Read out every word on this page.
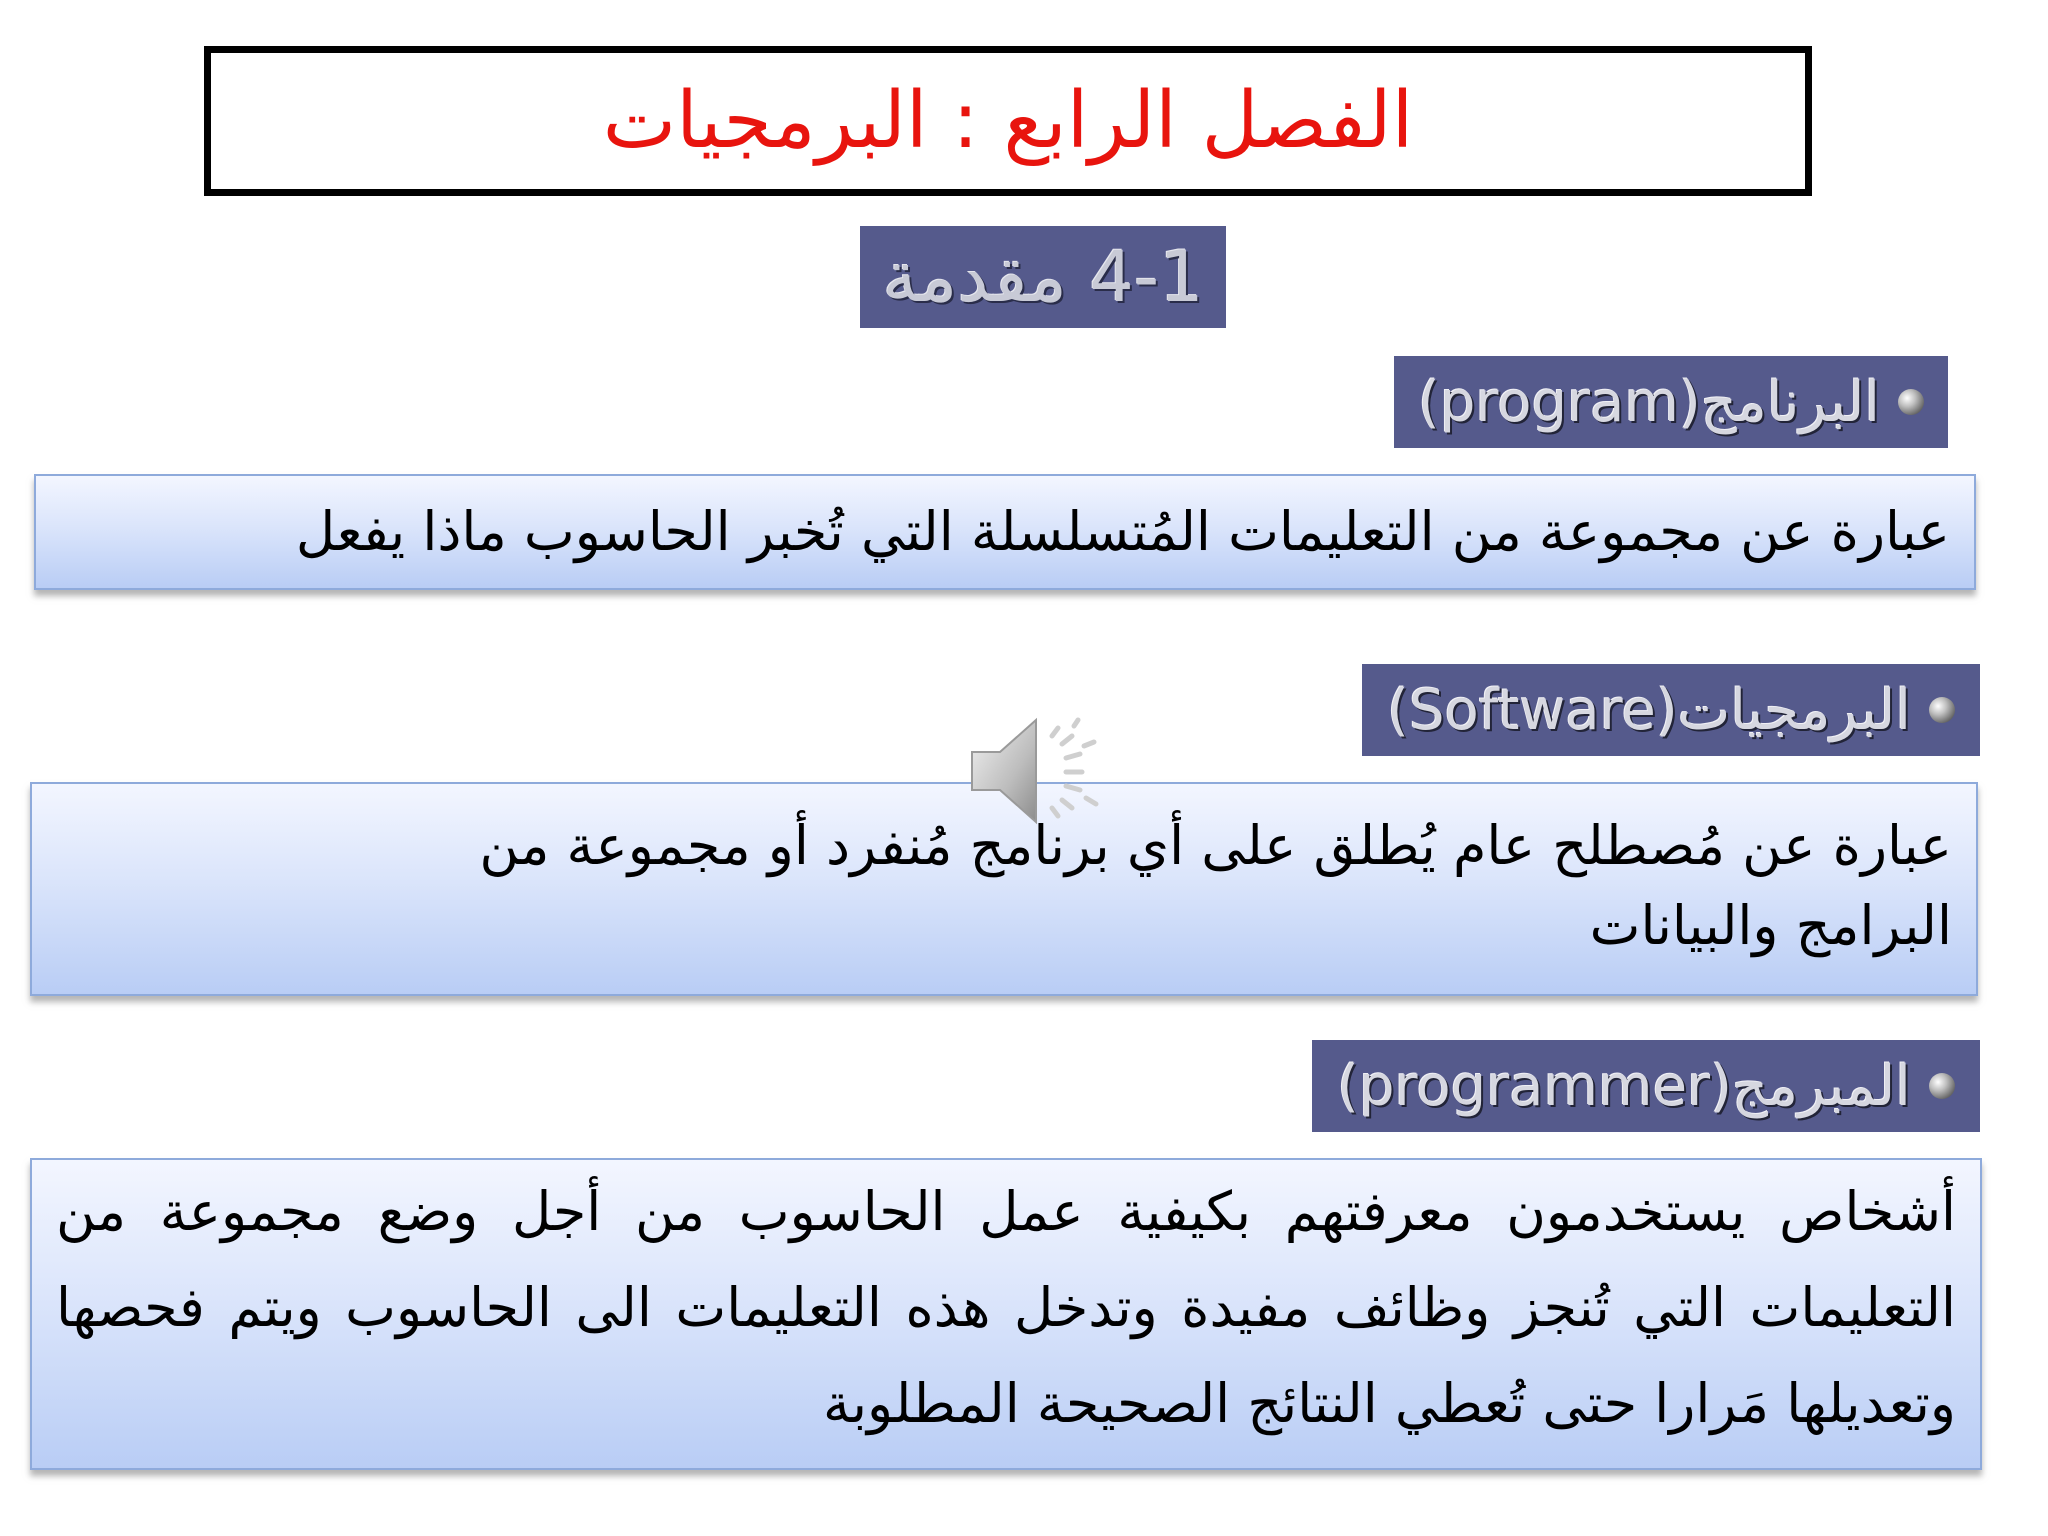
الفصل الرابع : البرمجيات
4-1 مقدمة
البرنامج(program)
عبارة عن مجموعة من التعليمات المُتسلسلة التي تُخبر الحاسوب ماذا يفعل
البرمجيات(Software)
عبارة عن مُصطلح عام يُطلق على أي برنامج مُنفرد أو مجموعة من البرامج والبيانات
المبرمج(programmer)
أشخاص يستخدمون معرفتهم بكيفية عمل الحاسوب من أجل وضع مجموعة من التعليمات التي تُنجز وظائف مفيدة وتدخل هذه التعليمات الى الحاسوب ويتم فحصها وتعديلها مَرارا حتى تُعطي النتائج الصحيحة المطلوبة
